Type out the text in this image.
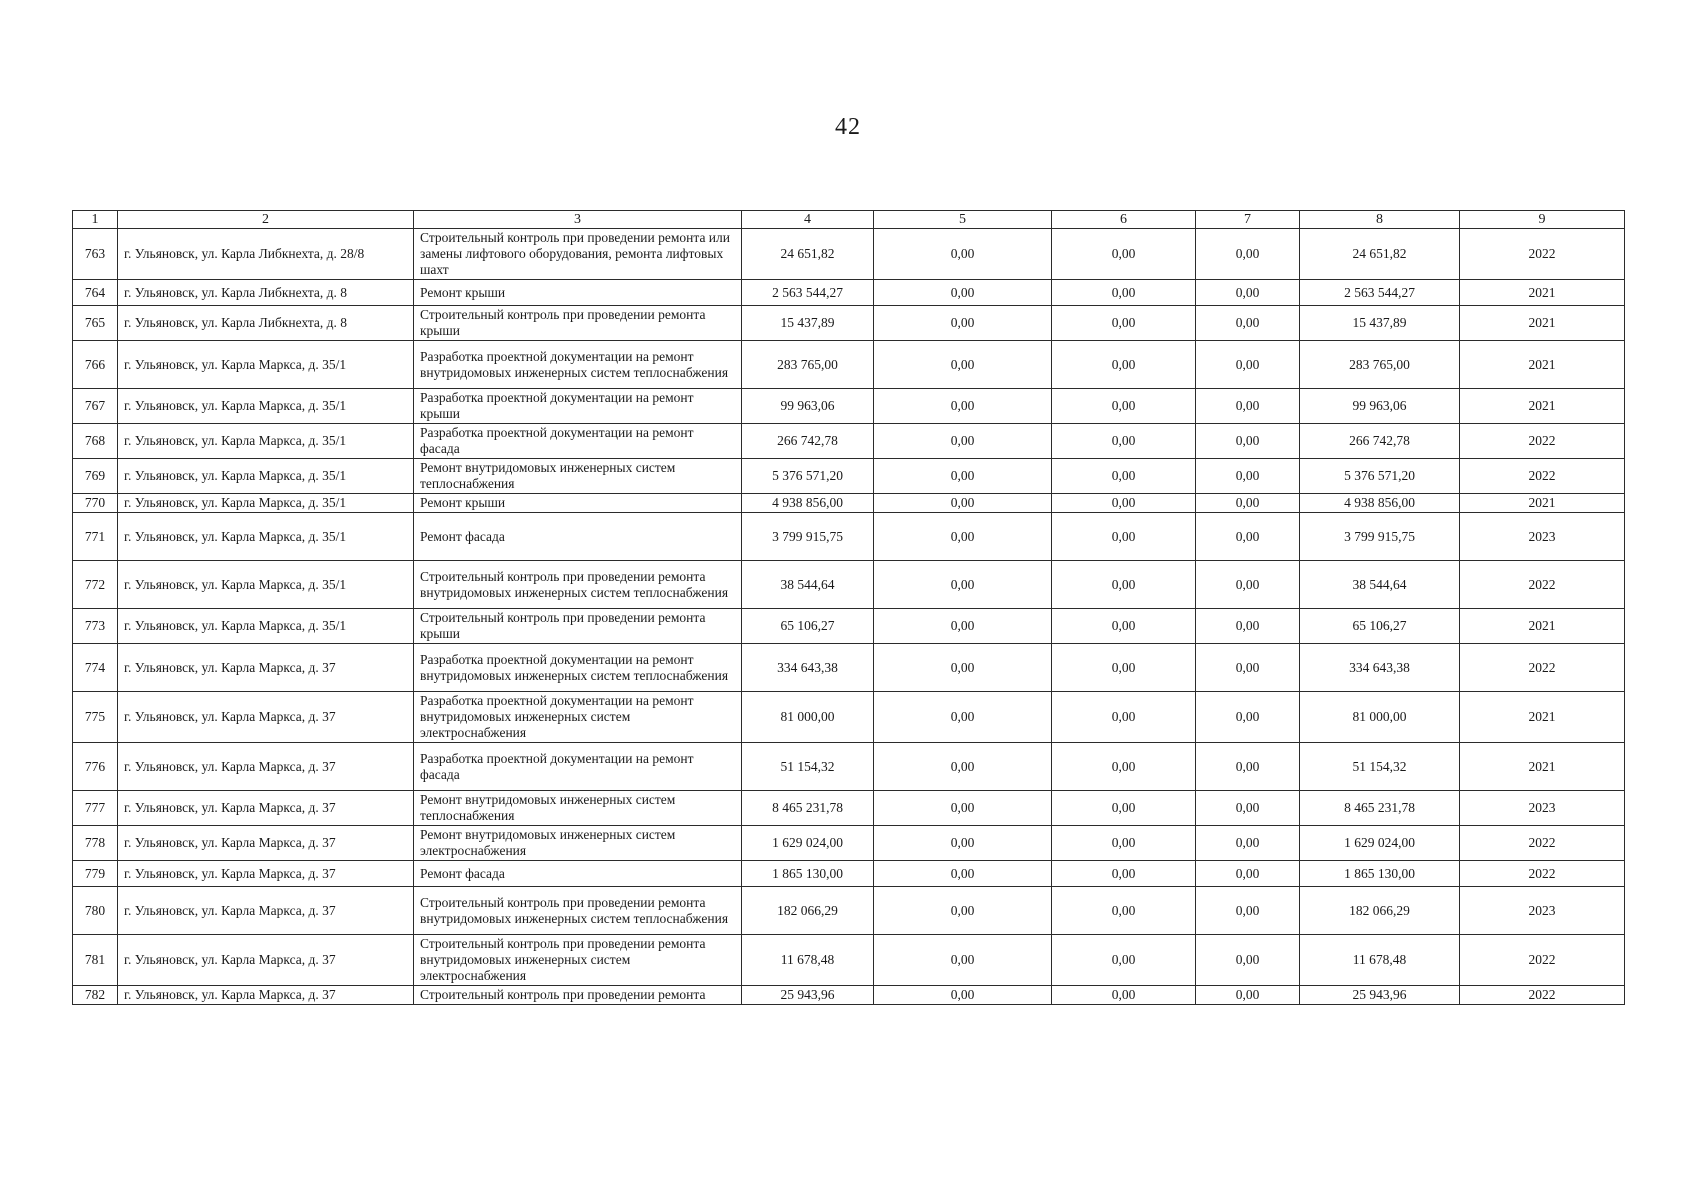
42
1	2	3	4	5	6	7	8	9
763	г. Ульяновск, ул. Карла Либкнехта, д. 28/8	Строительный контроль при проведении ремонта или замены лифтового оборудования, ремонта лифтовых шахт	24 651,82	0,00	0,00	0,00	24 651,82	2022
764	г. Ульяновск, ул. Карла Либкнехта, д. 8	Ремонт крыши	2 563 544,27	0,00	0,00	0,00	2 563 544,27	2021
765	г. Ульяновск, ул. Карла Либкнехта, д. 8	Строительный контроль при проведении ремонта крыши	15 437,89	0,00	0,00	0,00	15 437,89	2021
766	г. Ульяновск, ул. Карла Маркса, д. 35/1	Разработка проектной документации на ремонт внутридомовых инженерных систем теплоснабжения	283 765,00	0,00	0,00	0,00	283 765,00	2021
767	г. Ульяновск, ул. Карла Маркса, д. 35/1	Разработка проектной документации на ремонт крыши	99 963,06	0,00	0,00	0,00	99 963,06	2021
768	г. Ульяновск, ул. Карла Маркса, д. 35/1	Разработка проектной документации на ремонт фасада	266 742,78	0,00	0,00	0,00	266 742,78	2022
769	г. Ульяновск, ул. Карла Маркса, д. 35/1	Ремонт внутридомовых инженерных систем теплоснабжения	5 376 571,20	0,00	0,00	0,00	5 376 571,20	2022
770	г. Ульяновск, ул. Карла Маркса, д. 35/1	Ремонт крыши	4 938 856,00	0,00	0,00	0,00	4 938 856,00	2021
771	г. Ульяновск, ул. Карла Маркса, д. 35/1	Ремонт фасада	3 799 915,75	0,00	0,00	0,00	3 799 915,75	2023
772	г. Ульяновск, ул. Карла Маркса, д. 35/1	Строительный контроль при проведении ремонта внутридомовых инженерных систем теплоснабжения	38 544,64	0,00	0,00	0,00	38 544,64	2022
773	г. Ульяновск, ул. Карла Маркса, д. 35/1	Строительный контроль при проведении ремонта крыши	65 106,27	0,00	0,00	0,00	65 106,27	2021
774	г. Ульяновск, ул. Карла Маркса, д. 37	Разработка проектной документации на ремонт внутридомовых инженерных систем теплоснабжения	334 643,38	0,00	0,00	0,00	334 643,38	2022
775	г. Ульяновск, ул. Карла Маркса, д. 37	Разработка проектной документации на ремонт внутридомовых инженерных систем электроснабжения	81 000,00	0,00	0,00	0,00	81 000,00	2021
776	г. Ульяновск, ул. Карла Маркса, д. 37	Разработка проектной документации на ремонт фасада	51 154,32	0,00	0,00	0,00	51 154,32	2021
777	г. Ульяновск, ул. Карла Маркса, д. 37	Ремонт внутридомовых инженерных систем теплоснабжения	8 465 231,78	0,00	0,00	0,00	8 465 231,78	2023
778	г. Ульяновск, ул. Карла Маркса, д. 37	Ремонт внутридомовых инженерных систем электроснабжения	1 629 024,00	0,00	0,00	0,00	1 629 024,00	2022
779	г. Ульяновск, ул. Карла Маркса, д. 37	Ремонт фасада	1 865 130,00	0,00	0,00	0,00	1 865 130,00	2022
780	г. Ульяновск, ул. Карла Маркса, д. 37	Строительный контроль при проведении ремонта внутридомовых инженерных систем теплоснабжения	182 066,29	0,00	0,00	0,00	182 066,29	2023
781	г. Ульяновск, ул. Карла Маркса, д. 37	Строительный контроль при проведении ремонта внутридомовых инженерных систем электроснабжения	11 678,48	0,00	0,00	0,00	11 678,48	2022
782	г. Ульяновск, ул. Карла Маркса, д. 37	Строительный контроль при проведении ремонта	25 943,96	0,00	0,00	0,00	25 943,96	2022
